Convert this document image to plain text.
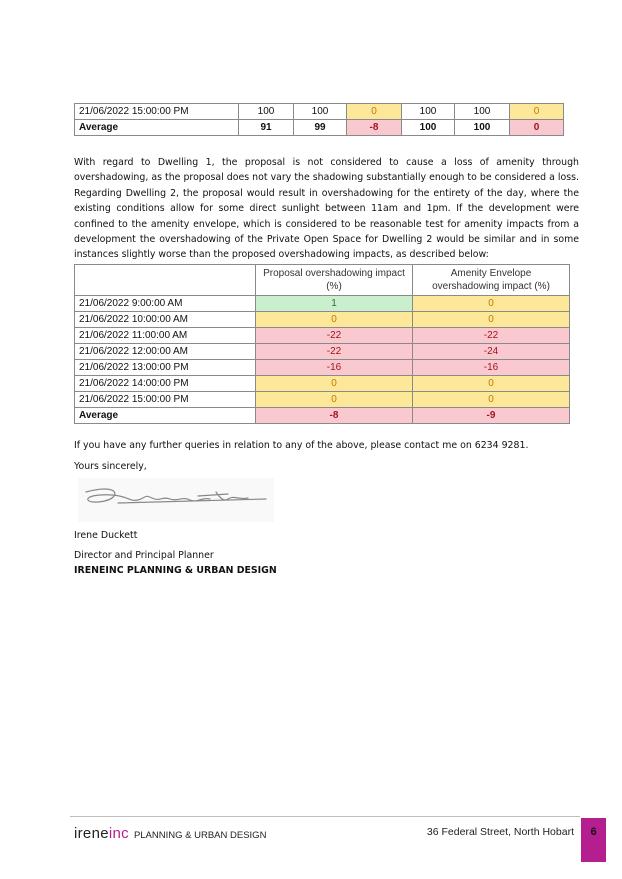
21/06/2022 15:00:00 PM	100	100	0	100	100	0
Average	91	99	-8	100	100	0

With regard to Dwelling 1, the proposal is not considered to cause a loss of amenity through overshadowing, as the proposal does not vary the shadowing substantially enough to be considered a loss. Regarding Dwelling 2, the proposal would result in overshadowing for the entirety of the day, where the existing conditions allow for some direct sunlight between 11am and 1pm. If the development were confined to the amenity envelope, which is considered to be reasonable test for amenity impacts from a development the overshadowing of the Private Open Space for Dwelling 2 would be similar and in some instances slightly worse than the proposed overshadowing impacts, as described below:

	Proposal overshadowing impact (%)	Amenity Envelope overshadowing impact (%)
21/06/2022 9:00:00 AM	1	0
21/06/2022 10:00:00 AM	0	0
21/06/2022 11:00:00 AM	-22	-22
21/06/2022 12:00:00 AM	-22	-24
21/06/2022 13:00:00 PM	-16	-16
21/06/2022 14:00:00 PM	0	0
21/06/2022 15:00:00 PM	0	0
Average	-8	-9

If you have any further queries in relation to any of the above, please contact me on 6234 9281.

Yours sincerely,

Irene Duckett
Director and Principal Planner
IRENEINC PLANNING & URBAN DESIGN
ireneinc PLANNING & URBAN DESIGN	36 Federal Street, North Hobart	6
